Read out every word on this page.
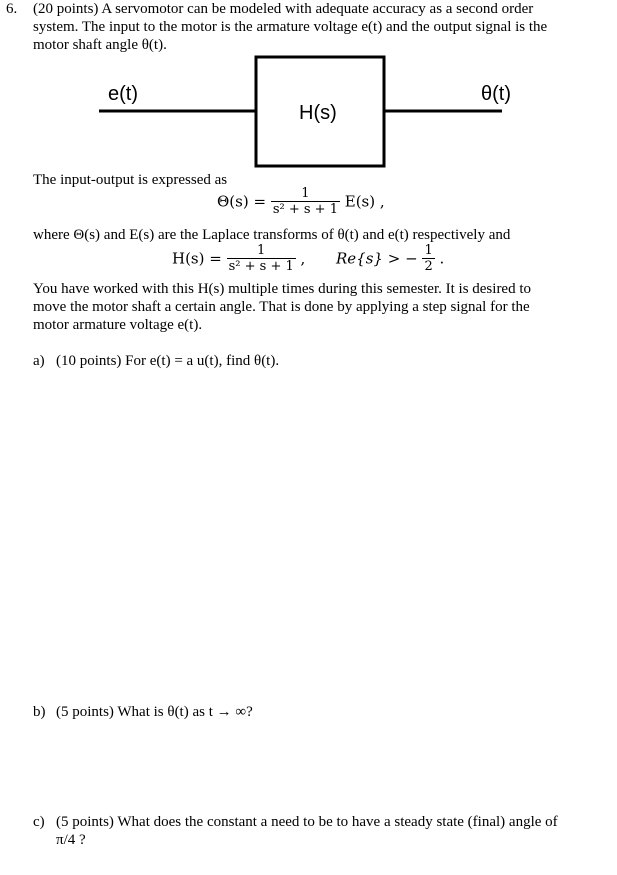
6. (20 points) A servomotor can be modeled with adequate accuracy as a second order
system. The input to the motor is the armature voltage e(t) and the output signal is the
motor shaft angle θ(t).
e(t)
H(s)
θ(t)
The input-output is expressed as
$\Theta(s) = \frac{1}{\text{s² + s + 1}} E(s)$ ,
where Θ(s) and E(s) are the Laplace transforms of θ(t) and e(t) respectively and
$H(s) = \frac{1}{\text{s² + s + 1}}$ , Re{s} > − $\frac{1}{2}$ .
You have worked with this H(s) multiple times during this semester. It is desired to
move the motor shaft a certain angle. That is done by applying a step signal for the
motor armature voltage e(t).
a) (10 points) For e(t) = a u(t), find θ(t).
b) (5 points) What is θ(t) as t → ∞?
c) (5 points) What does the constant a need to be to have a steady state (final) angle of
π/4 ?
